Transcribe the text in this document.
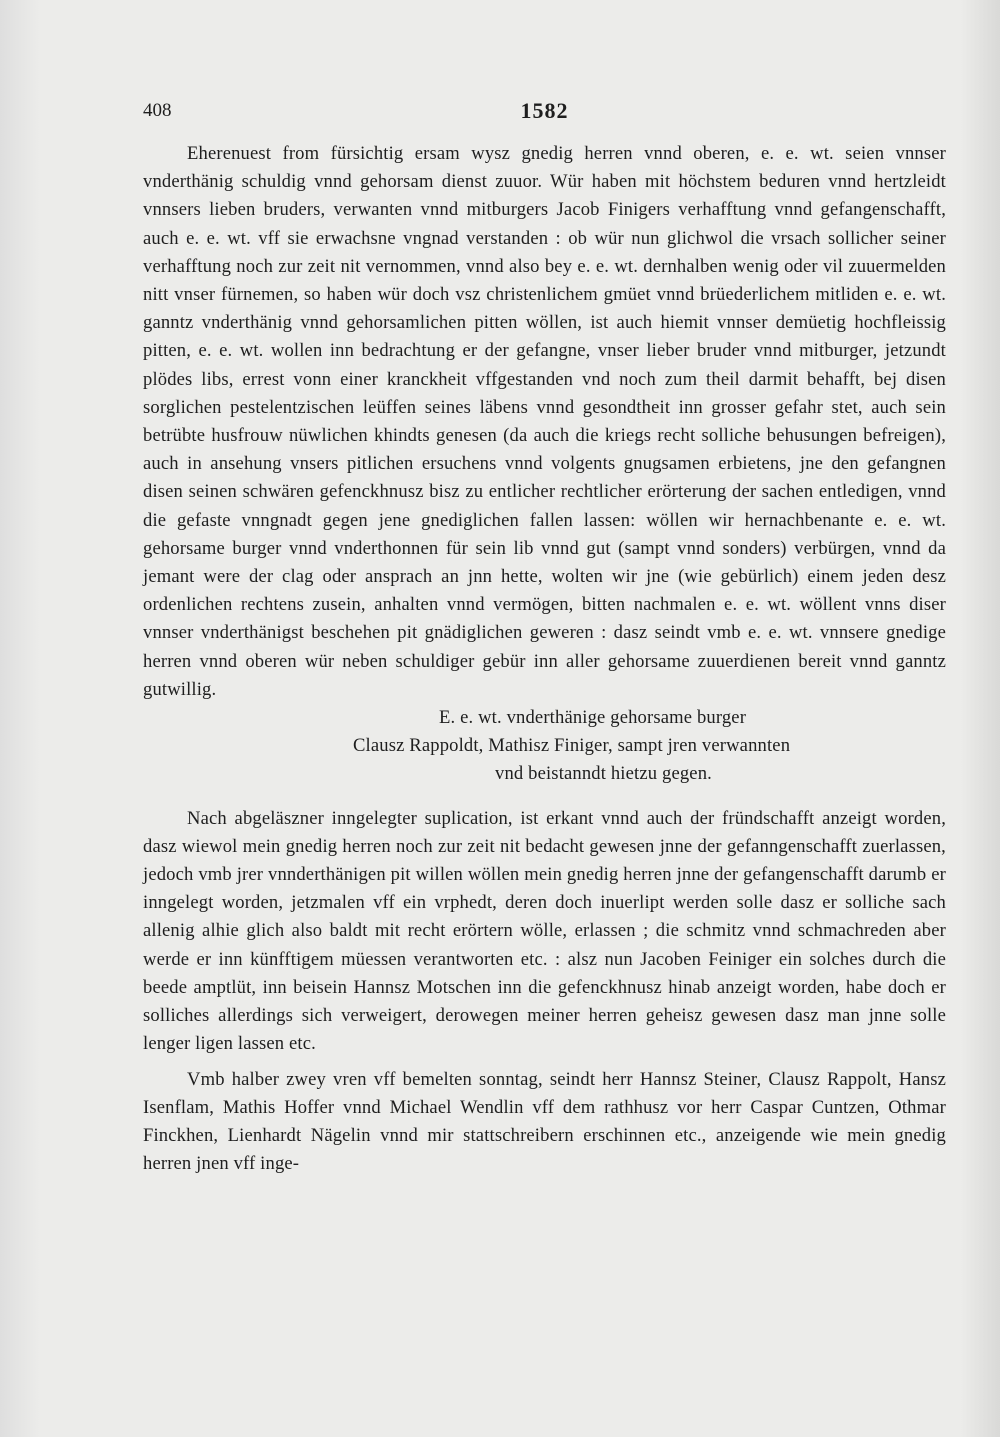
408	1582

Eherenuest from fürsichtig ersam wysz gnedig herren vnnd oberen, e. e. wt. seien vnnser vnderthänig schuldig vnnd gehorsam dienst zuuor. Wür haben mit höchstem beduren vnnd hertzleidt vnnsers lieben bruders, verwanten vnnd mitburgers Jacob Finigers verhafftung vnnd gefangenschafft, auch e. e. wt. vff sie erwachsne vngnad verstanden : ob wür nun glichwol die vrsach sollicher seiner verhafftung noch zur zeit nit vernommen, vnnd also bey e. e. wt. dernhalben wenig oder vil zuuermelden nitt vnser fürnemen, so haben wür doch vsz christenlichem gmüet vnnd brüederlichem mitliden e. e. wt. ganntz vnderthänig vnnd gehorsamlichen pitten wöllen, ist auch hiemit vnnser demüetig hochfleissig pitten, e. e. wt. wollen inn bedrachtung er der gefangne, vnser lieber bruder vnnd mitburger, jetzundt plödes libs, errest vonn einer kranckheit vffgestanden vnd noch zum theil darmit behafft, bej disen sorglichen pestelentzischen leüffen seines läbens vnnd gesondtheit inn grosser gefahr stet, auch sein betrübte husfrouw nüwlichen khindts genesen (da auch die kriegs recht solliche behusungen befreigen), auch in ansehung vnsers pitlichen ersuchens vnnd volgents gnugsamen erbietens, jne den gefangnen disen seinen schwären gefenckhnusz bisz zu entlicher rechtlicher erörterung der sachen entledigen, vnnd die gefaste vnngnadt gegen jene gnediglichen fallen lassen: wöllen wir hernachbenante e. e. wt. gehorsame burger vnnd vnderthonnen für sein lib vnnd gut (sampt vnnd sonders) verbürgen, vnnd da jemant were der clag oder ansprach an jnn hette, wolten wir jne (wie gebürlich) einem jeden desz ordenlichen rechtens zusein, anhalten vnnd vermögen, bitten nachmalen e. e. wt. wöllent vnns diser vnnser vnderthänigst beschehen pit gnädiglichen geweren : dasz seindt vmb e. e. wt. vnnsere gnedige herren vnnd oberen wür neben schuldiger gebür inn aller gehorsame zuuerdienen bereit vnnd ganntz gutwillig.

E. e. wt. vnderthänige gehorsame burger

Clausz Rappoldt, Mathisz Finiger, sampt jren verwannten

vnd beistanndt hietzu gegen.

Nach abgeläszner inngelegter suplication, ist erkant vnnd auch der fründschafft anzeigt worden, dasz wiewol mein gnedig herren noch zur zeit nit bedacht gewesen jnne der gefanngenschafft zuerlassen, jedoch vmb jrer vnnderthänigen pit willen wöllen mein gnedig herren jnne der gefangenschafft darumb er inngelegt worden, jetzmalen vff ein vrphedt, deren doch inuerlipt werden solle dasz er solliche sach allenig alhie glich also baldt mit recht erörtern wölle, erlassen ; die schmitz vnnd schmachreden aber werde er inn künfftigem müessen verantworten etc. : alsz nun Jacoben Feiniger ein solches durch die beede amptlüt, inn beisein Hannsz Motschen inn die gefenckhnusz hinab anzeigt worden, habe doch er solliches allerdings sich verweigert, derowegen meiner herren geheisz gewesen dasz man jnne solle lenger ligen lassen etc.

Vmb halber zwey vren vff bemelten sonntag, seindt herr Hannsz Steiner, Clausz Rappolt, Hansz Isenflam, Mathis Hoffer vnnd Michael Wendlin vff dem rathhusz vor herr Caspar Cuntzen, Othmar Finckhen, Lienhardt Nägelin vnnd mir stattschreibern erschinnen etc., anzeigende wie mein gnedig herren jnen vff inge-
